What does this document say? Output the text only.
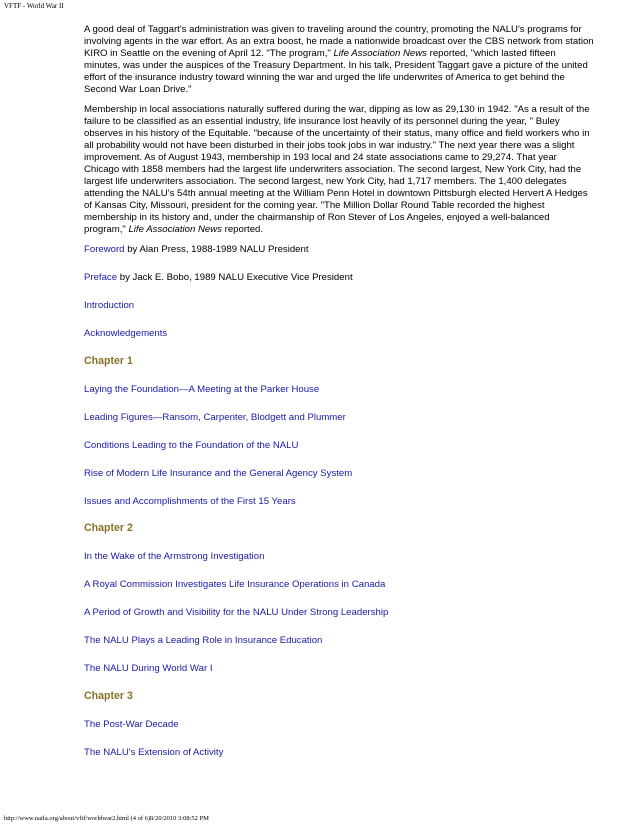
VFTF - World War II

A good deal of Taggart's administration was given to traveling around the country, promoting the NALU's programs for involving agents in the war effort. As an extra boost, he made a nationwide broadcast over the CBS network from station KIRO in Seattle on the evening of April 12. "The program," Life Association News reported, "which lasted fifteen minutes, was under the auspices of the Treasury Department. In his talk, President Taggart gave a picture of the united effort of the insurance industry toward winning the war and urged the life underwrites of America to get behind the Second War Loan Drive."

Membership in local associations naturally suffered during the war, dipping as low as 29,130 in 1942. "As a result of the failure to be classified as an essential industry, life insurance lost heavily of its personnel during the year, " Buley observes in his history of the Equitable. "because of the uncertainty of their status, many office and field workers who in all probability would not have been disturbed in their jobs took jobs in war industry." The next year there was a slight improvement. As of August 1943, membership in 193 local and 24 state associations came to 29,274. That year Chicago with 1858 members had the largest life underwriters association. The second largest, New York City, had the largest life underwriters association. The second largest, new York City, had 1,717 members. The 1,400 delegates attending the NALU's 54th annual meeting at the William Penn Hotel in downtown Pittsburgh elected Hervert A Hedges of Kansas City, Missouri, president for the coming year. "The Million Dollar Round Table recorded the highest membership in its history and, under the chairmanship of Ron Stever of Los Angeles, enjoyed a well-balanced program," Life Association News reported.

Foreword by Alan Press, 1988-1989 NALU President
Preface by Jack E. Bobo, 1989 NALU Executive Vice President
Introduction
Acknowledgements
Chapter 1
Laying the Foundation—A Meeting at the Parker House
Leading Figures—Ransom, Carpenter, Blodgett and Plummer
Conditions Leading to the Foundation of the NALU
Rise of Modern Life Insurance and the General Agency System
Issues and Accomplishments of the First 15 Years
Chapter 2
In the Wake of the Armstrong Investigation
A Royal Commission Investigates Life Insurance Operations in Canada
A Period of Growth and Visibility for the NALU Under Strong Leadership
The NALU Plays a Leading Role in Insurance Education
The NALU During World War I
Chapter 3
The Post-War Decade
The NALU's Extension of Activity
http://www.naifa.org/about/vftf/worldwar2.html (4 of 6)8/20/2010 3:08:52 PM
